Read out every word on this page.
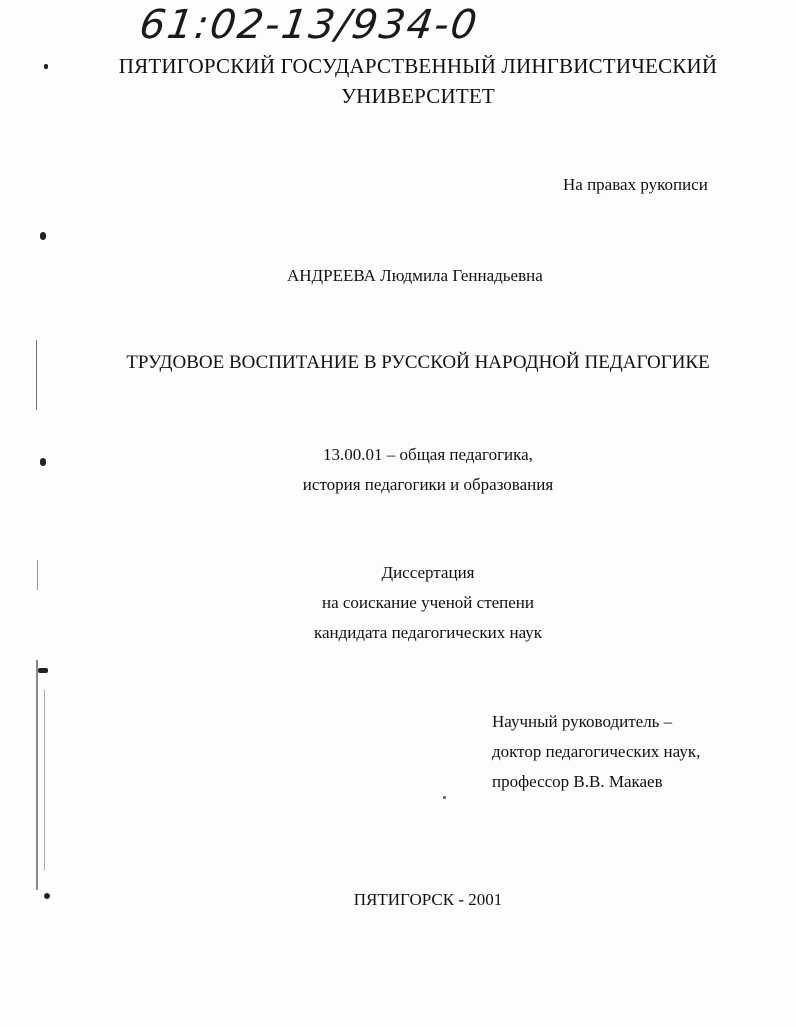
61:02-13/934-0
ПЯТИГОРСКИЙ ГОСУДАРСТВЕННЫЙ ЛИНГВИСТИЧЕСКИЙ
УНИВЕРСИТЕТ
На правах рукописи
АНДРЕЕВА Людмила Геннадьевна
ТРУДОВОЕ ВОСПИТАНИЕ В РУССКОЙ НАРОДНОЙ ПЕДАГОГИКЕ
13.00.01 – общая педагогика,
история педагогики и образования
Диссертация
на соискание ученой степени
кандидата педагогических наук
Научный руководитель –
доктор педагогических наук,
профессор В.В. Макаев
ПЯТИГОРСК - 2001
